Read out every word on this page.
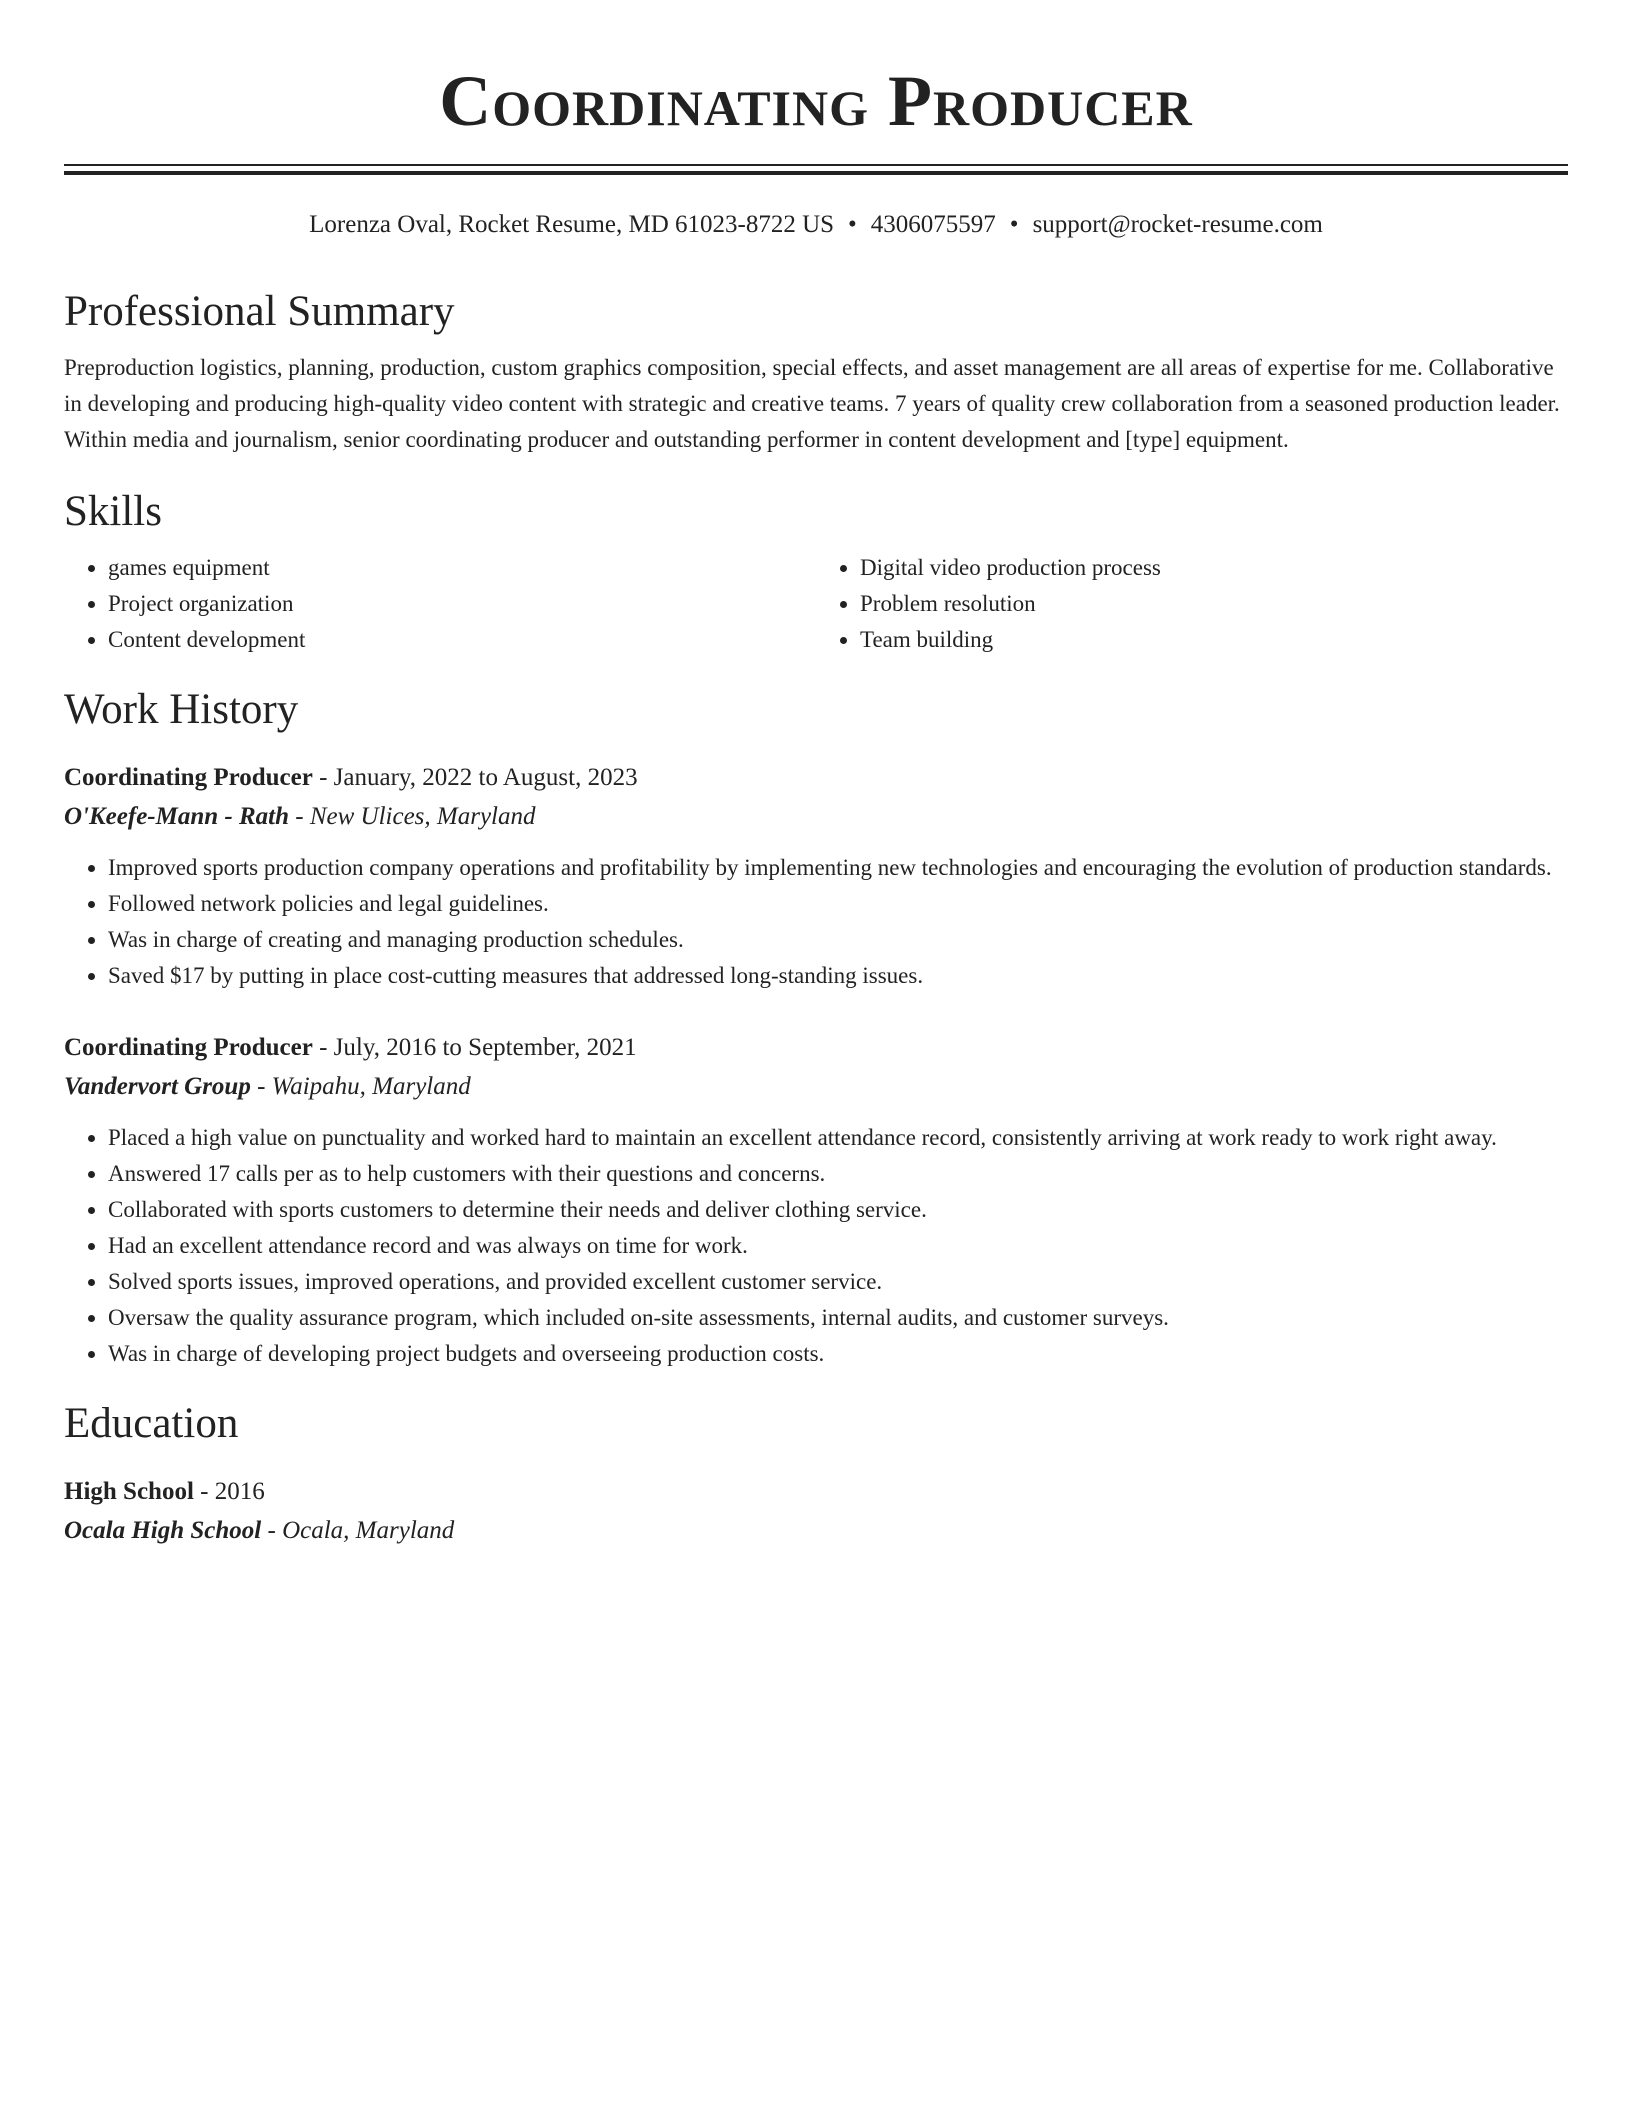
Coordinating Producer
Lorenza Oval, Rocket Resume, MD 61023-8722 US • 4306075597 • support@rocket-resume.com
Professional Summary

Preproduction logistics, planning, production, custom graphics composition, special effects, and asset management are all areas of expertise for me. Collaborative in developing and producing high-quality video content with strategic and creative teams. 7 years of quality crew collaboration from a seasoned production leader. Within media and journalism, senior coordinating producer and outstanding performer in content development and [type] equipment.

Skills
• games equipment
• Project organization
• Content development
• Digital video production process
• Problem resolution
• Team building
Work History
Coordinating Producer - January, 2022 to August, 2023
O'Keefe-Mann - Rath - New Ulices, Maryland
• Improved sports production company operations and profitability by implementing new technologies and encouraging the evolution of production standards.
• Followed network policies and legal guidelines.
• Was in charge of creating and managing production schedules.
• Saved $17 by putting in place cost-cutting measures that addressed long-standing issues.
Coordinating Producer - July, 2016 to September, 2021
Vandervort Group - Waipahu, Maryland
• Placed a high value on punctuality and worked hard to maintain an excellent attendance record, consistently arriving at work ready to work right away.
• Answered 17 calls per as to help customers with their questions and concerns.
• Collaborated with sports customers to determine their needs and deliver clothing service.
• Had an excellent attendance record and was always on time for work.
• Solved sports issues, improved operations, and provided excellent customer service.
• Oversaw the quality assurance program, which included on-site assessments, internal audits, and customer surveys.
• Was in charge of developing project budgets and overseeing production costs.
Education
High School - 2016
Ocala High School - Ocala, Maryland
